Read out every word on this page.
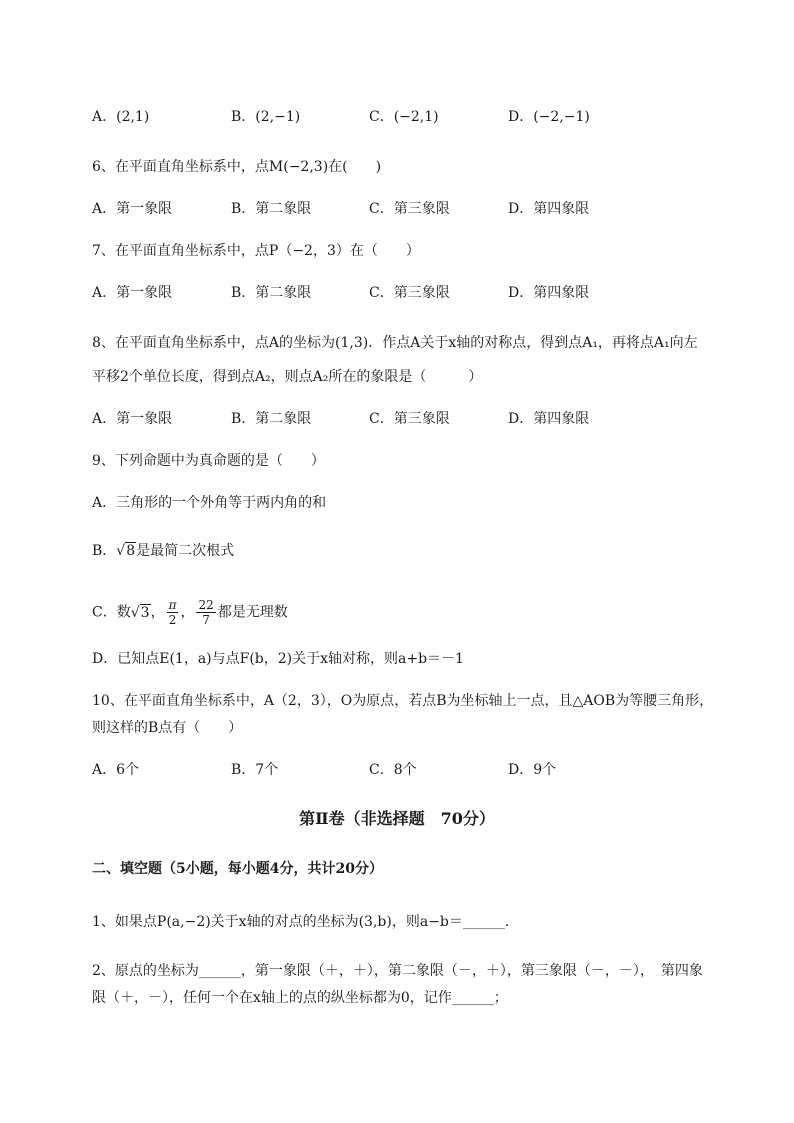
A．(2,1)	B．(2,−1)	C．(−2,1)	D．(−2,−1)
6、在平面直角坐标系中，点M(−2,3)在(　　)
A．第一象限	B．第二象限	C．第三象限	D．第四象限
7、在平面直角坐标系中，点P（−2，3）在（　　）
A．第一象限	B．第二象限	C．第三象限	D．第四象限
8、在平面直角坐标系中，点A的坐标为(1,3)．作点A关于x轴的对称点，得到点A₁，再将点A₁向左
平移2个单位长度，得到点A₂，则点A₂所在的象限是（　　　）
A．第一象限	B．第二象限	C．第三象限	D．第四象限
9、下列命题中为真命题的是（　　）
A．三角形的一个外角等于两内角的和
B．√8是最简二次根式
C．数√3， $\frac{\pi}{2}$ ， $\frac{22}{7}$ 都是无理数
D．已知点E(1，a)与点F(b，2)关于x轴对称，则a+b＝－1
10、在平面直角坐标系中，A（2，3），O为原点，若点B为坐标轴上一点，且△AOB为等腰三角形，
则这样的B点有（　　）
A．6个	B．7个	C．8个	D．9个
第Ⅱ卷（非选择题　70分）
二、填空题（5小题，每小题4分，共计20分）
1、如果点P(a,−2)关于x轴的对点的坐标为(3,b)，则a−b＝______．
2、原点的坐标为______，第一象限（＋，＋），第二象限（－，＋），第三象限（－，－），　第四象
限（＋，－），任何一个在x轴上的点的纵坐标都为0，记作______；
